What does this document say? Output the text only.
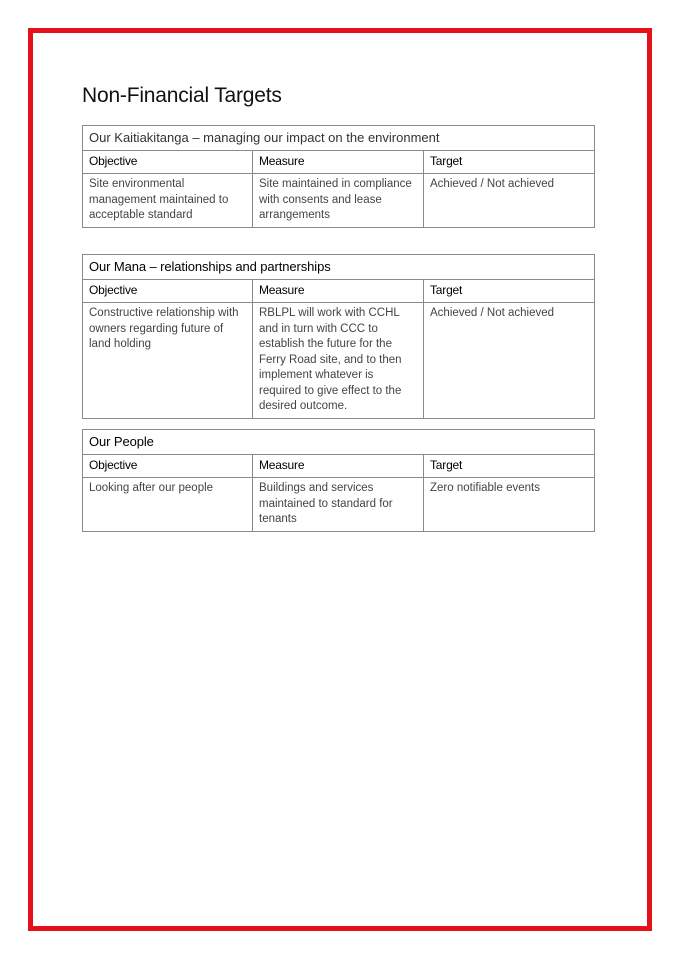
Non-Financial Targets
Our Kaitiakitanga – managing our impact on the environment		
Objective	Measure	Target
Site environmental management maintained to acceptable standard	Site maintained in compliance with consents and lease arrangements	Achieved / Not achieved
Our Mana – relationships and partnerships		
Objective	Measure	Target
Constructive relationship with owners regarding future of land holding	RBLPL will work with CCHL and in turn with CCC to establish the future for the Ferry Road site, and to then implement whatever is required to give effect to the desired outcome.	Achieved / Not achieved
Our People		
Objective	Measure	Target
Looking after our people	Buildings and services maintained to standard for tenants	Zero notifiable events
